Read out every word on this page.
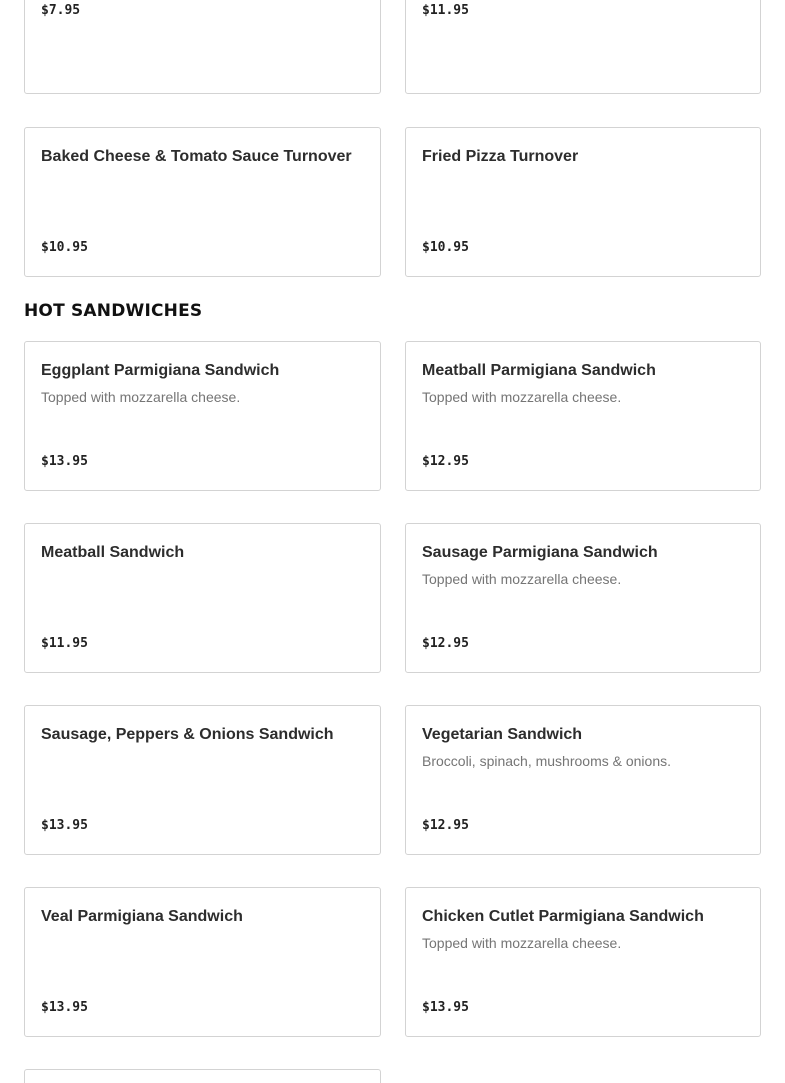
$7.95	$11.95
Baked Cheese & Tomato Sauce Turnover
$10.95
Fried Pizza Turnover
$10.95
HOT SANDWICHES
Eggplant Parmigiana Sandwich
Topped with mozzarella cheese.
$13.95
Meatball Parmigiana Sandwich
Topped with mozzarella cheese.
$12.95
Meatball Sandwich
$11.95
Sausage Parmigiana Sandwich
Topped with mozzarella cheese.
$12.95
Sausage, Peppers & Onions Sandwich
$13.95
Vegetarian Sandwich
Broccoli, spinach, mushrooms & onions.
$12.95
Veal Parmigiana Sandwich
$13.95
Chicken Cutlet Parmigiana Sandwich
Topped with mozzarella cheese.
$13.95
